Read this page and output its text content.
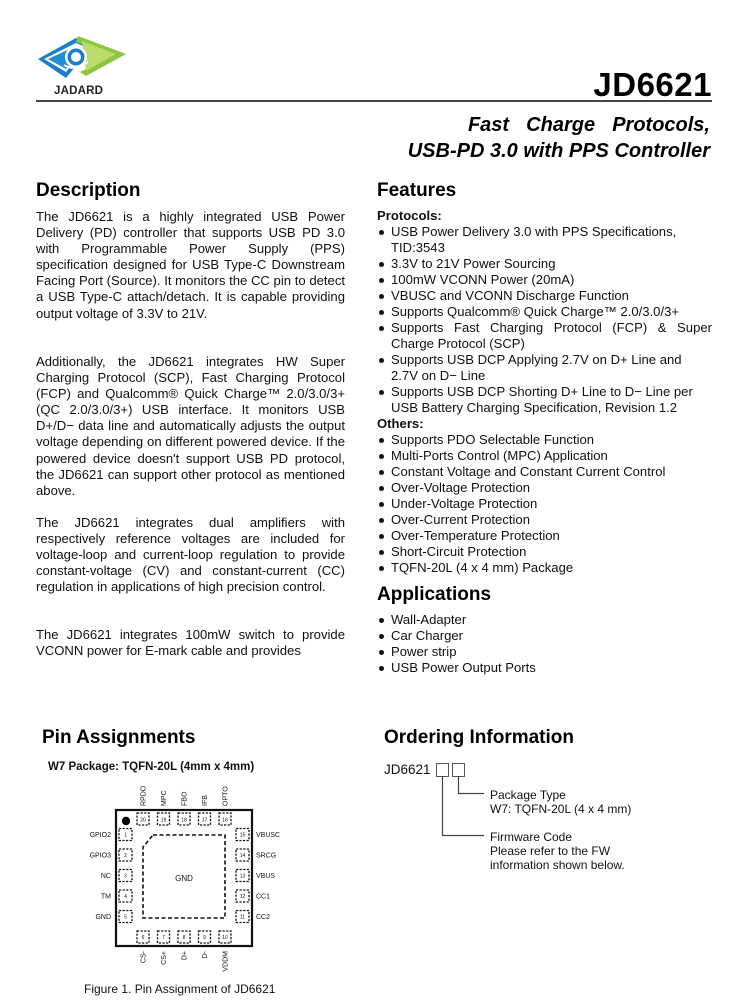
JADARD	JD6621
Fast  Charge  Protocols,
USB-PD 3.0 with PPS Controller
Description

The JD6621 is a highly integrated USB Power Delivery (PD) controller that supports USB PD 3.0 with Programmable Power Supply (PPS) specification designed for USB Type-C Downstream Facing Port (Source). It monitors the CC pin to detect a USB Type-C attach/detach. It is capable providing output voltage of 3.3V to 21V.

Additionally, the JD6621 integrates HW Super Charging Protocol (SCP), Fast Charging Protocol (FCP) and Qualcomm® Quick Charge™ 2.0/3.0/3+ (QC 2.0/3.0/3+) USB interface. It monitors USB D+/D− data line and automatically adjusts the output voltage depending on different powered device. If the powered device doesn't support USB PD protocol, the JD6621 can support other protocol as mentioned above.

The JD6621 integrates dual amplifiers with respectively reference voltages are included for voltage-loop and current-loop regulation to provide constant-voltage (CV) and constant-current (CC) regulation in applications of high precision control.

The JD6621 integrates 100mW switch to provide VCONN power for E-mark cable and provides

Features
Protocols:
USB Power Delivery 3.0 with PPS Specifications, TID:3543
3.3V to 21V Power Sourcing
100mW VCONN Power (20mA)
VBUSC and VCONN Discharge Function
Supports Qualcomm® Quick Charge™ 2.0/3.0/3+
Supports Fast Charging Protocol (FCP) & Super Charge Protocol (SCP)
Supports USB DCP Applying 2.7V on D+ Line and 2.7V on D− Line
Supports USB DCP Shorting D+ Line to D− Line per USB Battery Charging Specification, Revision 1.2
Others:
Supports PDO Selectable Function
Multi-Ports Control (MPC) Application
Constant Voltage and Constant Current Control
Over-Voltage Protection
Under-Voltage Protection
Over-Current Protection
Over-Temperature Protection
Short-Circuit Protection
TQFN-20L (4 x 4 mm) Package
Applications
Wall-Adapter
Car Charger
Power strip
USB Power Output Ports
Pin Assignments
W7 Package: TQFN-20L (4mm x 4mm)
GND
20
RPDO
19
MPC
18
FBO
17
IFB
16
OPTO
1
GPIO2
2
GPIO3
3
NC
4
TM
5
GND
15 VBUSC
14 SRCG
13 VBUS
12 CC1
11 CC2
6
CS-
7
CS+
8
D+
9
D-
10
VDDM
Figure 1. Pin Assignment of JD6621
Ordering Information
JD6621
Package Type
W7: TQFN-20L (4 x 4 mm)
Firmware Code
Please refer to the FW
information shown below.
